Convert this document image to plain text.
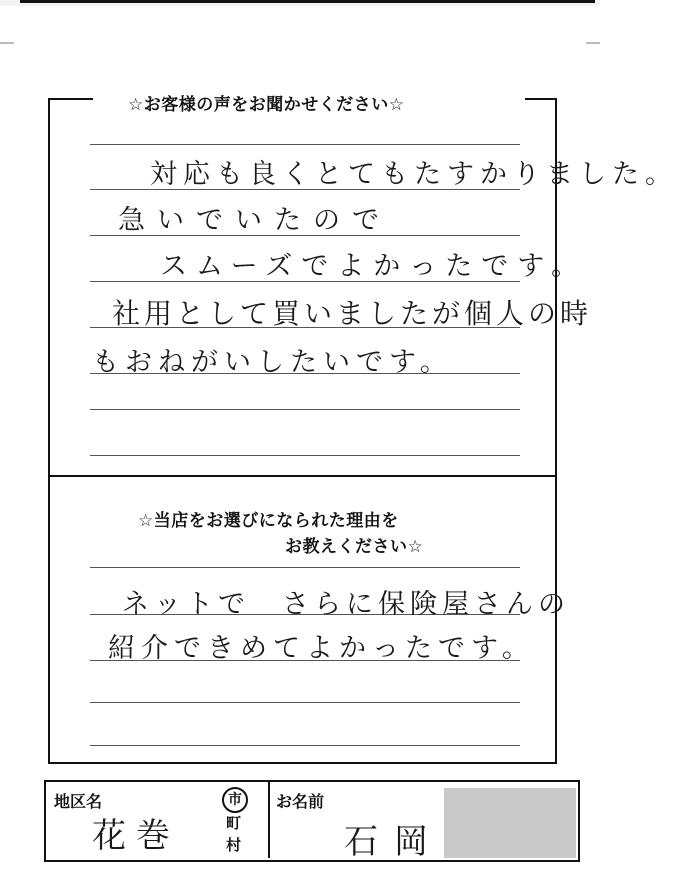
☆お客様の声をお聞かせください☆
対応も良くとてもたすかりました。
急いでいたので
スムーズでよかったです。
社用として買いましたが個人の時
もおねがいしたいです。
☆当店をお選びになられた理由を
お教えください☆
ネットで　さらに保険屋さんの
紹介できめてよかったです。
地区名
花巻
市
町
村
お名前
石岡
